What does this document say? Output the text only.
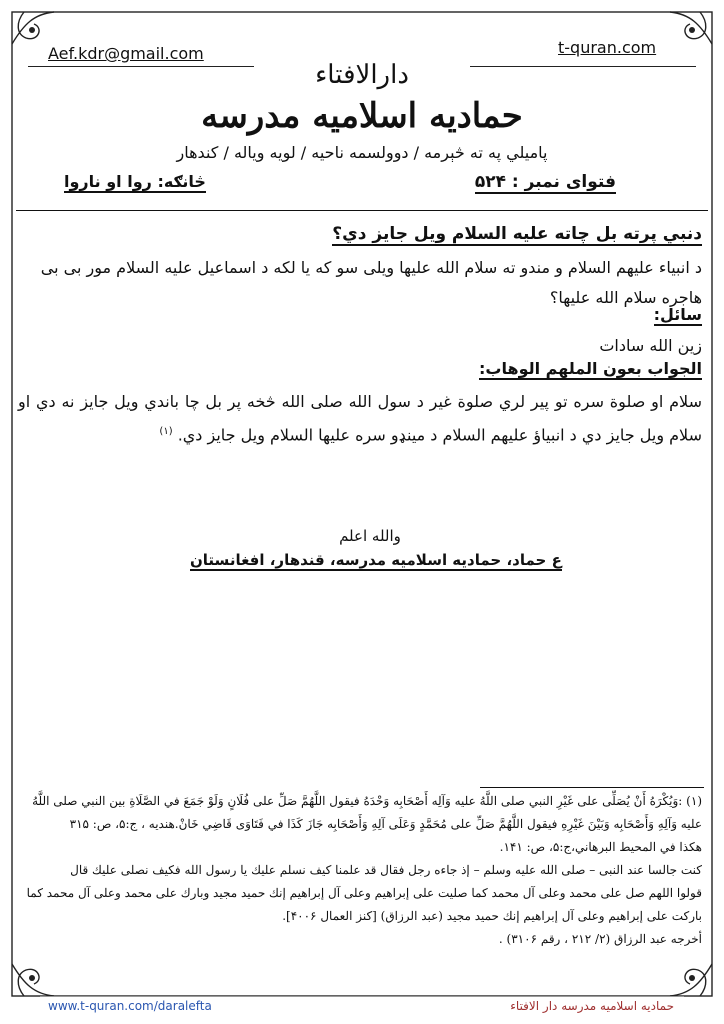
Aef.kdr@gmail.com	t-quran.com
دارالافتاء
حمادیه اسلامیه مدرسه
پامیلي په ته څېرمه / دوولسمه ناحیه / لویه ویاله / کندهار
فتوای نمبر : ۵۲۴
څانګه: روا او ناروا
دنبي پرته بل چاته علیه السلام ویل جایز دي؟
د انبیاء علیهم السلام و مندو ته سلام الله علیها ویلی سو که یا لکه د اسماعیل علیه السلام مور بی بی هاجره سلام الله علیها؟
سائل:
زین الله سادات
الجواب بعون الملهم الوهاب:
سلام او صلوة سره تو پیر لري صلوة غیر د سول الله صلی الله څخه پر بل چا باندي ویل جایز نه دي او سلام ویل جایز دي د انبیاؤ علیهم السلام د مینډو سره علیها السلام ویل جایز دي. $^{(۱)}$
والله اعلم
ع حماد، حمادیه اسلامیه مدرسه، قندهار، افغانستان
(۱) :وَيُكْرَهُ أَنْ يُصَلِّى على غَيْرِ النبي صلى اللَّهُ عليه وَآلِه أَصْحَابِه وَحْدَهُ فيقول اللَّهُمَّ صَلِّ على فُلَانٍ وَلَوْ جَمَعَ في الصَّلَاةِ بين النبي صلى اللَّهُ
عليه وَآلِهِ وَأَصْحَابِه وَبَيْنَ غَيْرِهِ فيقول اللَّهُمَّ صَلِّ على مُحَمَّدٍ وَعَلَى آلِهِ وَأَصْحَابِه جَازَ كَذَا في فَتَاوَى قَاضِي خَانْ.هنديه ، ج:۵، ص: ۳۱۵
هكذا في المحيط البرهاني،ج:۵، ص: ۱۴۱.
كنت جالسا عند النبى – صلى الله عليه وسلم – إذ جاءه رجل فقال قد علمنا كيف نسلم عليك يا رسول الله فكيف نصلى عليك قال
قولوا اللهم صل على محمد وعلى آل محمد كما صليت على إبراهيم وعلى آل إبراهيم إنك حميد مجيد وبارك على محمد وعلى آل محمد كما
باركت على إبراهيم وعلى آل إبراهيم إنك حميد مجيد (عبد الرزاق) [كنز العمال ۴۰۰۶].
أخرجه عبد الرزاق (۲/ ۲۱۲ ، رقم ۳۱۰۶) .
www.t-quran.com/daralefta	حمادیه اسلامیه مدرسه دار الافتاء
